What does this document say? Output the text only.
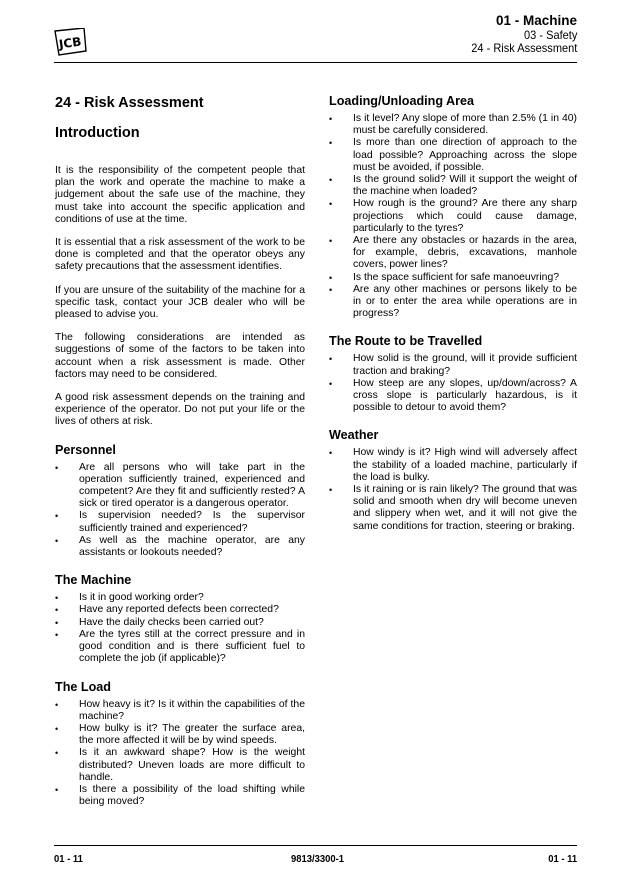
JCB
01 - Machine
03 - Safety
24 - Risk Assessment
24 - Risk Assessment
Introduction

It is the responsibility of the competent people that plan the work and operate the machine to make a judgement about the safe use of the machine, they must take into account the specific application and conditions of use at the time.

It is essential that a risk assessment of the work to be done is completed and that the operator obeys any safety precautions that the assessment identifies.

If you are unsure of the suitability of the machine for a specific task, contact your JCB dealer who will be pleased to advise you.

The following considerations are intended as suggestions of some of the factors to be taken into account when a risk assessment is made. Other factors may need to be considered.

A good risk assessment depends on the training and experience of the operator. Do not put your life or the lives of others at risk.

Personnel
• Are all persons who will take part in the operation sufficiently trained, experienced and competent? Are they fit and sufficiently rested? A sick or tired operator is a dangerous operator.
• Is supervision needed? Is the supervisor sufficiently trained and experienced?
• As well as the machine operator, are any assistants or lookouts needed?
The Machine
• Is it in good working order?
• Have any reported defects been corrected?
• Have the daily checks been carried out?
• Are the tyres still at the correct pressure and in good condition and is there sufficient fuel to complete the job (if applicable)?
The Load
• How heavy is it? Is it within the capabilities of the machine?
• How bulky is it? The greater the surface area, the more affected it will be by wind speeds.
• Is it an awkward shape? How is the weight distributed? Uneven loads are more difficult to handle.
• Is there a possibility of the load shifting while being moved?
Loading/Unloading Area
• Is it level? Any slope of more than 2.5% (1 in 40) must be carefully considered.
• Is more than one direction of approach to the load possible? Approaching across the slope must be avoided, if possible.
• Is the ground solid? Will it support the weight of the machine when loaded?
• How rough is the ground? Are there any sharp projections which could cause damage, particularly to the tyres?
• Are there any obstacles or hazards in the area, for example, debris, excavations, manhole covers, power lines?
• Is the space sufficient for safe manoeuvring?
• Are any other machines or persons likely to be in or to enter the area while operations are in progress?
The Route to be Travelled
• How solid is the ground, will it provide sufficient traction and braking?
• How steep are any slopes, up/down/across? A cross slope is particularly hazardous, is it possible to detour to avoid them?
Weather
• How windy is it? High wind will adversely affect the stability of a loaded machine, particularly if the load is bulky.
• Is it raining or is rain likely? The ground that was solid and smooth when dry will become uneven and slippery when wet, and it will not give the same conditions for traction, steering or braking.
01 - 11	9813/3300-1	01 - 11
